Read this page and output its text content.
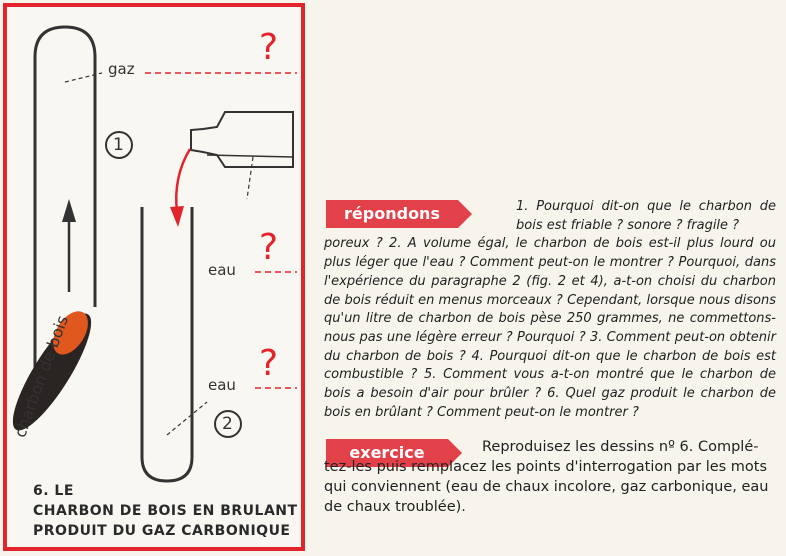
gaz
1
eau
eau
2
?
?
?
charbon de bois
6. LE
CHARBON DE BOIS EN BRULANT
PRODUIT DU GAZ CARBONIQUE
répondons	1. Pourquoi dit-on que le charbon de bois est friable ? sonore ? fragile ?
poreux ? 2. A volume égal, le charbon de bois est-il plus lourd ou plus léger que l'eau ? Comment peut-on le montrer ? Pourquoi, dans l'expérience du paragraphe 2 (fig. 2 et 4), a-t-on choisi du charbon de bois réduit en menus morceaux ? Cependant, lorsque nous disons qu'un litre de charbon de bois pèse 250 grammes, ne commettons-nous pas une légère erreur ? Pourquoi ? 3. Comment peut-on obtenir du charbon de bois ? 4. Pourquoi dit-on que le charbon de bois est combustible ? 5. Comment vous a-t-on montré que le charbon de bois a besoin d'air pour brûler ? 6. Quel gaz produit le charbon de bois en brûlant ? Comment peut-on le montrer ?
exercice	Reproduisez les dessins nº 6. Complé-
tez-les puis remplacez les points d'interrogation par les mots qui conviennent (eau de chaux incolore, gaz carbonique, eau de chaux troublée).
